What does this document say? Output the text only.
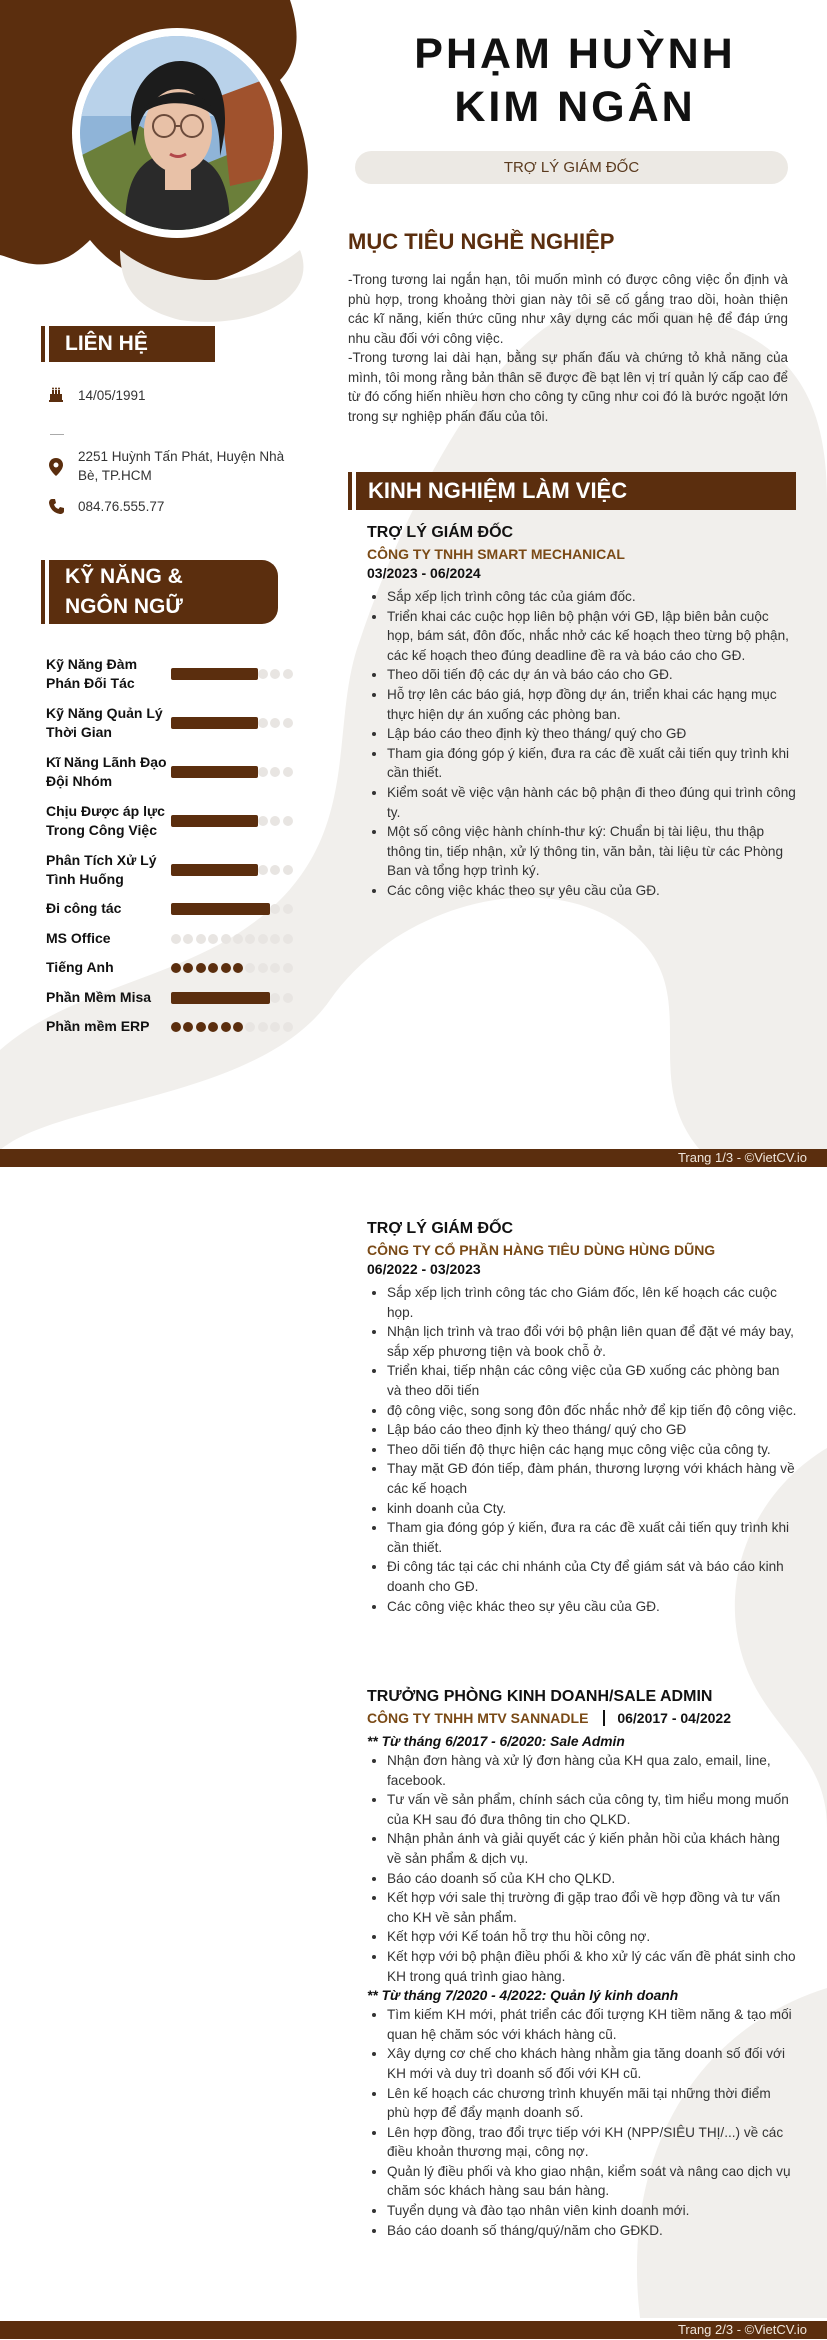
PHẠM HUỲNH
KIM NGÂN
TRỢ LÝ GIÁM ĐỐC
MỤC TIÊU NGHỀ NGHIỆP
-Trong tương lai ngắn hạn, tôi muốn mình có được công việc ổn định và phù hợp, trong khoảng thời gian này tôi sẽ cố gắng trao dồi, hoàn thiện các kĩ năng, kiến thức cũng như xây dựng các mối quan hệ để đáp ứng nhu cầu đối với công việc.
-Trong tương lai dài hạn, bằng sự phấn đấu và chứng tỏ khả năng của mình, tôi mong rằng bản thân sẽ được đề bạt lên vị trí quản lý cấp cao để từ đó cống hiến nhiều hơn cho công ty cũng như coi đó là bước ngoặt lớn trong sự nghiệp phấn đấu của tôi.
LIÊN HỆ
14/05/1991
2251 Huỳnh Tấn Phát, Huyện Nhà Bè, TP.HCM
084.76.555.77
KỸ NĂNG &
NGÔN NGỮ
Kỹ Năng Đàm Phán Đối Tác
Kỹ Năng Quản Lý Thời Gian
Kĩ Năng Lãnh Đạo Đội Nhóm
Chịu Được áp lực Trong Công Việc
Phân Tích Xử Lý Tình Huống
Đi công tác
MS Office
Tiếng Anh
Phần Mềm Misa
Phần mềm ERP
Trang 1/3 - ©VietCV.io
KINH NGHIỆM LÀM VIỆC
TRỢ LÝ GIÁM ĐỐC
CÔNG TY TNHH SMART MECHANICAL
03/2023 - 06/2024
• Sắp xếp lịch trình công tác của giám đốc.
• Triển khai các cuộc họp liên bộ phận với GĐ, lập biên bản cuộc họp, bám sát, đôn đốc, nhắc nhở các kế hoạch theo từng bộ phận, các kế hoạch theo đúng deadline đề ra và báo cáo cho GĐ.
• Theo dõi tiến độ các dự án và báo cáo cho GĐ.
• Hỗ trợ lên các báo giá, hợp đồng dự án, triển khai các hạng mục thực hiện dự án xuống các phòng ban.
• Lập báo cáo theo định kỳ theo tháng/ quý cho GĐ
• Tham gia đóng góp ý kiến, đưa ra các đề xuất cải tiến quy trình khi cần thiết.
• Kiểm soát về việc vận hành các bộ phận đi theo đúng qui trình công ty.
• Một số công việc hành chính-thư ký: Chuẩn bị tài liệu, thu thập thông tin, tiếp nhận, xử lý thông tin, văn bản, tài liệu từ các Phòng Ban và tổng hợp trình ký.
• Các công việc khác theo sự yêu cầu của GĐ.
TRỢ LÝ GIÁM ĐỐC
CÔNG TY CỔ PHẦN HÀNG TIÊU DÙNG HÙNG DŨNG
06/2022 - 03/2023
• Sắp xếp lịch trình công tác cho Giám đốc, lên kế hoạch các cuộc họp.
• Nhận lịch trình và trao đổi với bộ phận liên quan để đặt vé máy bay, sắp xếp phương tiện và book chỗ ở.
• Triển khai, tiếp nhận các công việc của GĐ xuống các phòng ban và theo dõi tiến
• độ công việc, song song đôn đốc nhắc nhở để kịp tiến độ công việc.
• Lập báo cáo theo định kỳ theo tháng/ quý cho GĐ
• Theo dõi tiến độ thực hiện các hạng mục công việc của công ty.
• Thay mặt GĐ đón tiếp, đàm phán, thương lượng với khách hàng về các kế hoạch
• kinh doanh của Cty.
• Tham gia đóng góp ý kiến, đưa ra các đề xuất cải tiến quy trình khi cần thiết.
• Đi công tác tại các chi nhánh của Cty để giám sát và báo cáo kinh doanh cho GĐ.
• Các công việc khác theo sự yêu cầu của GĐ.
TRƯỞNG PHÒNG KINH DOANH/SALE ADMIN
CÔNG TY TNHH MTV SANNADLE 06/2017 - 04/2022
** Từ tháng 6/2017 - 6/2020: Sale Admin
• Nhận đơn hàng và xử lý đơn hàng của KH qua zalo, email, line, facebook.
• Tư vấn về sản phẩm, chính sách của công ty, tìm hiểu mong muốn của KH sau đó đưa thông tin cho QLKD.
• Nhận phản ánh và giải quyết các ý kiến phản hồi của khách hàng về sản phẩm & dịch vụ.
• Báo cáo doanh số của KH cho QLKD.
• Kết hợp với sale thị trường đi gặp trao đổi về hợp đồng và tư vấn cho KH về sản phẩm.
• Kết hợp với Kế toán hỗ trợ thu hồi công nợ.
• Kết hợp với bộ phận điều phối & kho xử lý các vấn đề phát sinh cho KH trong quá trình giao hàng.
** Từ tháng 7/2020 - 4/2022: Quản lý kinh doanh
• Tìm kiếm KH mới, phát triển các đối tượng KH tiềm năng & tạo mối quan hệ chăm sóc với khách hàng cũ.
• Xây dựng cơ chế cho khách hàng nhằm gia tăng doanh số đối với KH mới và duy trì doanh số đối với KH cũ.
• Lên kế hoạch các chương trình khuyến mãi tại những thời điểm phù hợp để đẩy mạnh doanh số.
• Lên hợp đồng, trao đổi trực tiếp với KH (NPP/SIÊU THỊ/...) về các điều khoản thương mại, công nợ.
• Quản lý điều phối và kho giao nhận, kiểm soát và nâng cao dịch vụ chăm sóc khách hàng sau bán hàng.
• Tuyển dụng và đào tạo nhân viên kinh doanh mới.
• Báo cáo doanh số tháng/quý/năm cho GĐKD.
Trang 2/3 - ©VietCV.io
